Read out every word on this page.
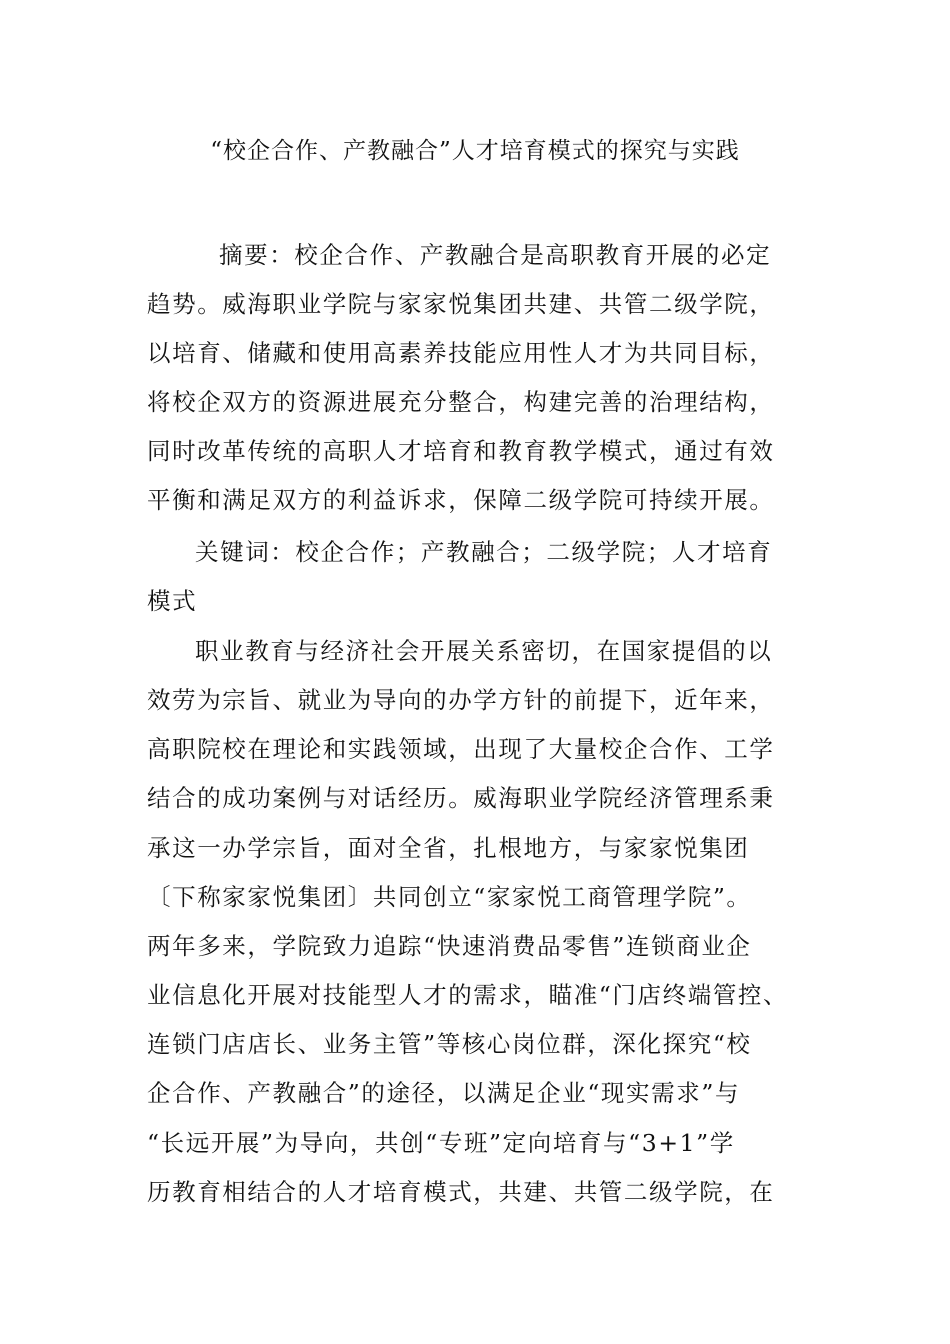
“校企合作、产教融合”人才培育模式的探究与实践
摘要：校企合作、产教融合是高职教育开展的必定
趋势。威海职业学院与家家悦集团共建、共管二级学院，
以培育、储藏和使用高素养技能应用性人才为共同目标，
将校企双方的资源进展充分整合，构建完善的治理结构，
同时改革传统的高职人才培育和教育教学模式，通过有效
平衡和满足双方的利益诉求，保障二级学院可持续开展。
关键词：校企合作；产教融合；二级学院；人才培育
模式
职业教育与经济社会开展关系密切，在国家提倡的以
效劳为宗旨、就业为导向的办学方针的前提下，近年来，
高职院校在理论和实践领域，出现了大量校企合作、工学
结合的成功案例与对话经历。威海职业学院经济管理系秉
承这一办学宗旨，面对全省，扎根地方，与家家悦集团
〔下称家家悦集团〕共同创立“家家悦工商管理学院”。
两年多来，学院致力追踪“快速消费品零售”连锁商业企
业信息化开展对技能型人才的需求，瞄准“门店终端管控、
连锁门店店长、业务主管”等核心岗位群，深化探究“校
企合作、产教融合”的途径，以满足企业“现实需求”与
“长远开展”为导向，共创“专班”定向培育与“3+1”学
历教育相结合的人才培育模式，共建、共管二级学院，在
